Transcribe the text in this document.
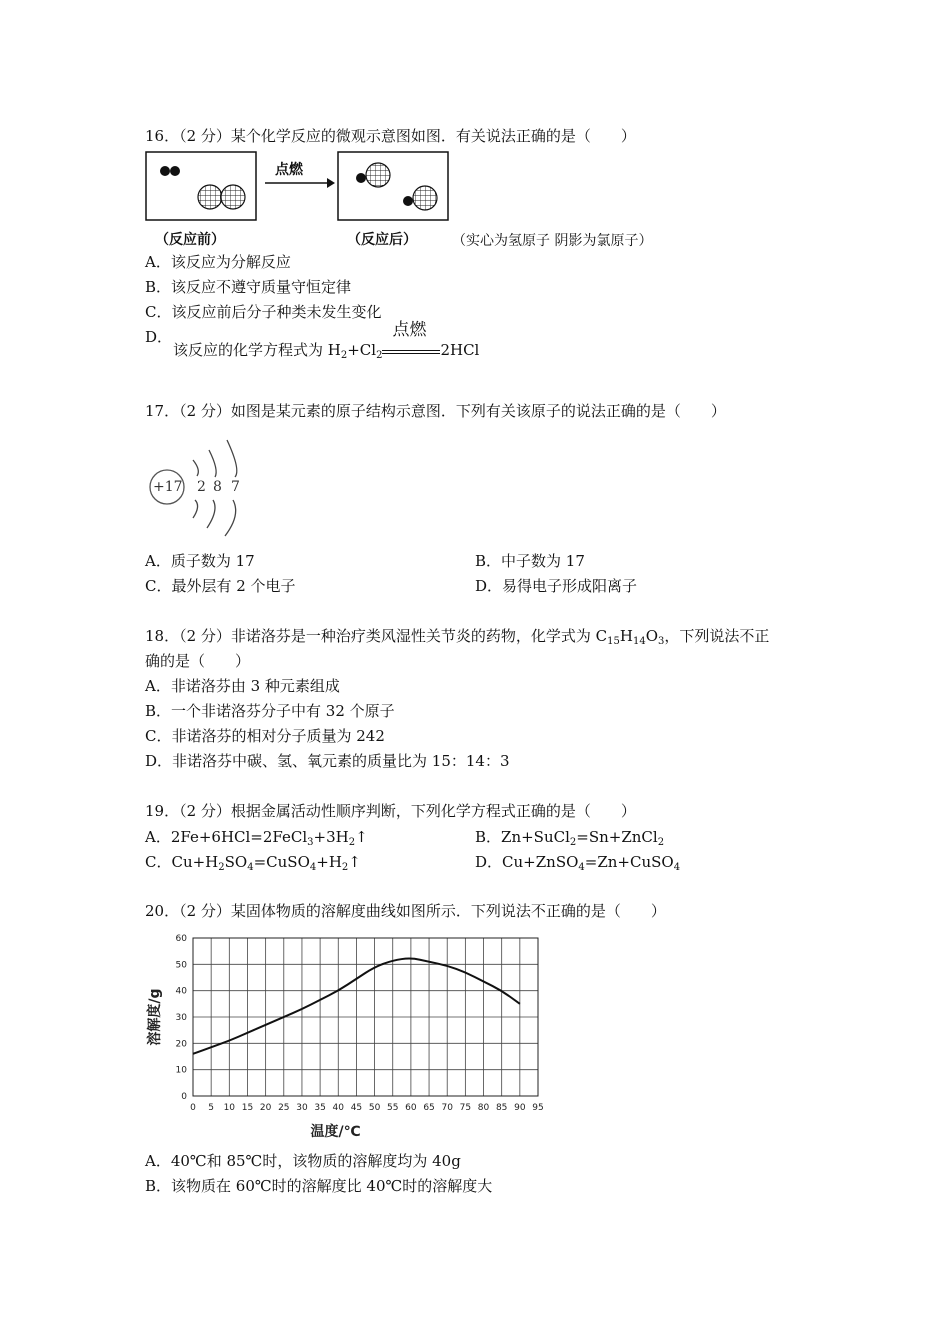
16．（2 分）某个化学反应的微观示意图如图．有关说法正确的是（　　）
点燃
（反应前）	（反应后）	（实心为氢原子 阴影为氯原子）
A．该反应为分解反应
B．该反应不遵守质量守恒定律
C．该反应前后分子种类未发生变化
D．
该反应的化学方程式为 $H_2+Cl_2$
点燃
2HCl
17．（2 分）如图是某元素的原子结构示意图．下列有关该原子的说法正确的是（　　）
+17 2 8 7
A．质子数为 17	B．中子数为 17
C．最外层有 2 个电子	D．易得电子形成阳离子
18．（2 分）非诺洛芬是一种治疗类风湿性关节炎的药物，化学式为 $C_{15}H_{14}O_3$，下列说法不正
确的是（　　）
A．非诺洛芬由 3 种元素组成
B．一个非诺洛芬分子中有 32 个原子
C．非诺洛芬的相对分子质量为 242
D．非诺洛芬中碳、氢、氧元素的质量比为 15：14：3
19．（2 分）根据金属活动性顺序判断，下列化学方程式正确的是（　　）
A．$2Fe+6HCl=2FeCl_3+3H_2↑$	B．Zn+SuCl$_2$=Sn+ZnCl$_2$
C．$Cu+H_2SO_4=CuSO_4+H_2↑$	D．Cu+ZnSO$_4$=Zn+CuSO$_4$
20．（2 分）某固体物质的溶解度曲线如图所示．下列说法不正确的是（　　）
0 5 10 15 20 25 30 35 40 45 50 55 60 65 70 75 80 85 90 95
0
10
20
30
40
50
60
温度/℃
溶解度/g
A．40℃和 85℃时，该物质的溶解度均为 40g
B．该物质在 60℃时的溶解度比 40℃时的溶解度大
